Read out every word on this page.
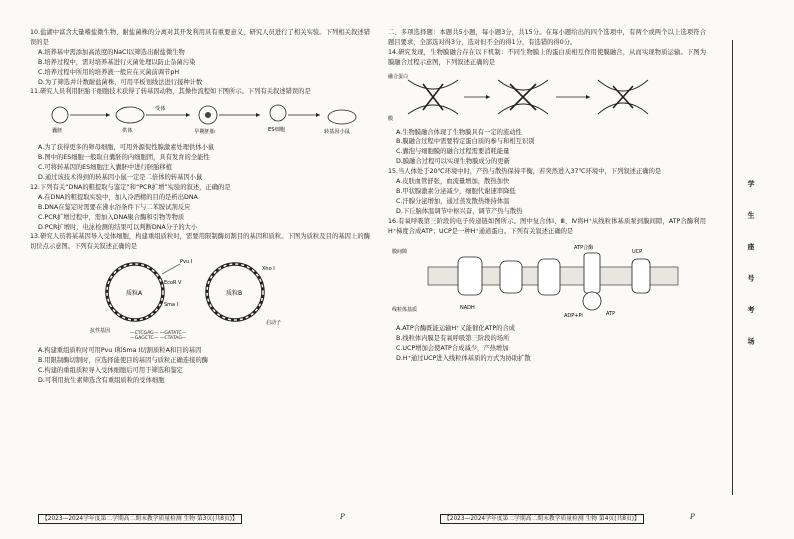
10.盐湖中富含大量嗜盐微生物，耐盐菌株的分离对其开发利用具有重要意义，研究人员进行了相关实验。下列相关叙述错误的是

A.培养基中需添加高浓度的NaCl以筛选出耐盐微生物

B.培养过程中，需对培养基进行灭菌处理以防止杂菌污染

C.培养过程中所用的培养液一般应在灭菌前调节pH

D.为了筛选并计数耐盐菌株，可用平板划线法进行接种计数

11.研究人员利用胚胎干细胞技术获得了转基因动物，其操作流程如下图所示。下列有关叙述错误的是

囊胚	供体	早期胚胎
受体
ES细胞	转基因小鼠

A.为了获得更多的卵母细胞，可用外源促性腺激素处理供体小鼠

B.图中的ES细胞一般取自囊胚的内细胞团，具有发育的全能性

C.可将转基因的ES细胞注入囊胚中进行胚胎移植

D.通过该技术得到的转基因小鼠一定是二倍体的转基因小鼠

12.下列有关“DNA的粗提取与鉴定”和“PCR扩增”实验的叙述，正确的是

A.在DNA的粗提取实验中，加入冷酒精的目的是析出DNA

B.DNA在鉴定时需要在沸水浴条件下与二苯胺试剂反应

C.PCR扩增过程中，需加入DNA聚合酶和引物等物质

D.PCR扩增时，电泳检测的结果可以判断DNA分子的大小

13.研究人员将某基因导入受体细胞，构建重组质粒时，需要用限制酶切割目的基因和质粒。下图为质粒及目的基因上的酶切位点示意图。下列有关叙述正确的是

质粒A	质粒B
Pvu I
EcoR V
Sma I
Xho I
抗性基因
启动子
—CTCGAG— —GATATC—
—GAGCTC— —CTATAG—

A.构建重组质粒时可用Pvu I和Sma I切割质粒A和目的基因

B.用限制酶切割时，应选择能使目的基因与质粒正确连接的酶

C.构建的重组质粒导入受体细胞后可用于筛选和鉴定

D.可利用抗生素筛选含有重组质粒的受体细胞

二、多项选择题：本题共5小题，每小题3分，共15分。在每小题给出的四个选项中，有两个或两个以上选项符合题目要求，全部选对得3分，选对但不全的得1分，有选错的得0分。

14.研究发现，生物膜融合存在以下机制：不同生物膜上的蛋白质相互作用使膜融合，从而实现物质运输。下图为膜融合过程示意图，下列叙述正确的是

融合蛋白
膜

A.生物膜融合体现了生物膜具有一定的流动性

B.膜融合过程中需要特定蛋白质的参与和相互识别

C.囊泡与细胞膜的融合过程需要消耗能量

D.膜融合过程可以实现生物膜成分的更新

15.当人体处于20℃环境中时，产热与散热保持平衡，若突然进入37℃环境中，下列叙述正确的是

A.皮肤血管舒张，血流量增加，散热加快

B.甲状腺激素分泌减少，细胞代谢速率降低

C.汗腺分泌增加，通过蒸发散热维持体温

D.下丘脑体温调节中枢兴奋，调节产热与散热

16.有氧呼吸第三阶段的电子传递链如图所示。图中复合体Ⅰ、Ⅲ、Ⅳ将H⁺从线粒体基质泵到膜间隙，ATP合酶利用H⁺梯度合成ATP；UCP是一种H⁺通道蛋白。下列有关叙述正确的是

膜间隙
线粒体基质
ATP合酶
UCP
ADP+Pi	ATP
NADH

A.ATP合酶既能运输H⁺又能催化ATP的合成

B.线粒体内膜是有氧呼吸第三阶段的场所

C.UCP增加会使ATP合成减少，产热增加

D.H⁺通过UCP进入线粒体基质的方式为协助扩散

学 生 座 号 考 场
【2023—2024学年度第二学期高二期末教学质量检测 生物 第3页(共8页)】	P	【2023—2024学年度第二学期高二期末教学质量检测 生物 第4页(共8页)】	P
